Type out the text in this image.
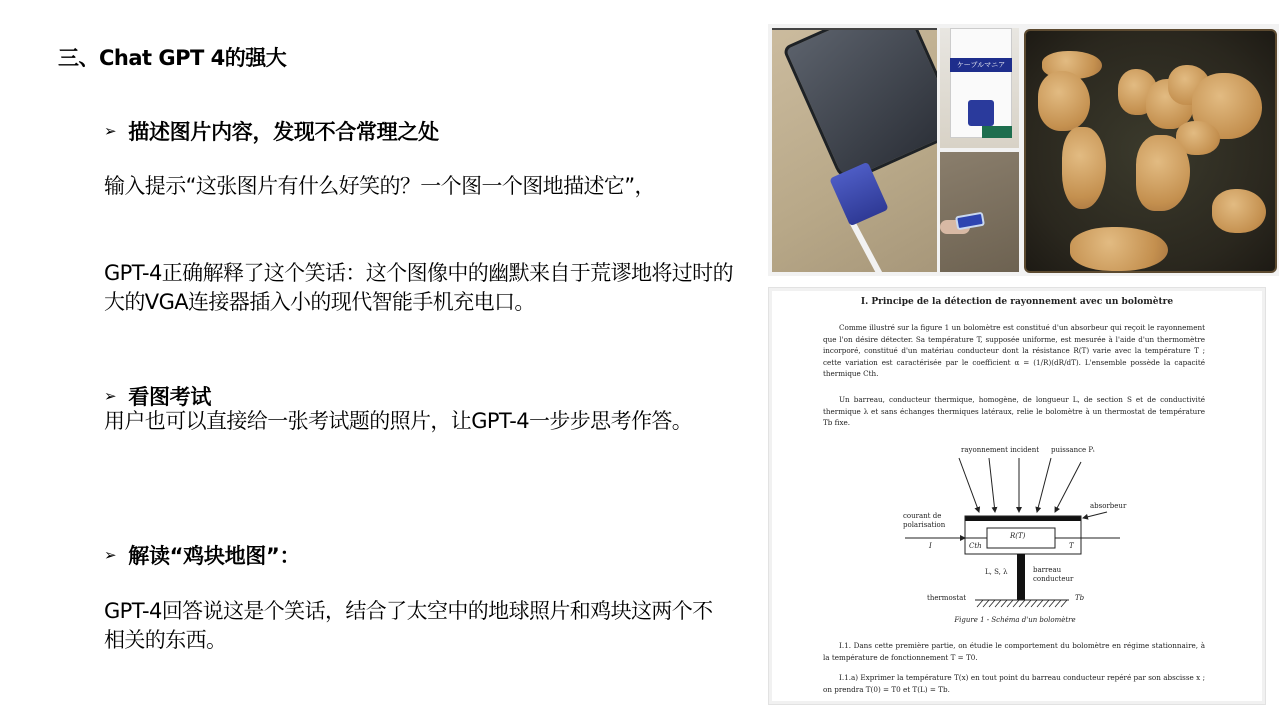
三、Chat GPT 4的强大
➢ 描述图片内容，发现不合常理之处
输入提示“这张图片有什么好笑的？一个图一个图地描述它”，
GPT-4正确解释了这个笑话：这个图像中的幽默来自于荒谬地将过时的大的VGA连接器插入小的现代智能手机充电口。
➢ 看图考试
用户也可以直接给一张考试题的照片，让GPT-4一步步思考作答。
➢ 解读“鸡块地图”：
GPT-4回答说这是个笑话，结合了太空中的地球照片和鸡块这两个不相关的东西。
ケーブルマニア
I. Principe de la détection de rayonnement avec un bolomètre
Comme illustré sur la figure 1 un bolomètre est constitué d'un absorbeur qui reçoit le rayonnement que l'on désire détecter. Sa température T, supposée uniforme, est mesurée à l'aide d'un thermomètre incorporé, constitué d'un matériau conducteur dont la résistance R(T) varie avec la température T ; cette variation est caractérisée par le coefficient α = (1/R)(dR/dT). L'ensemble possède la capacité thermique Cth.
Un barreau, conducteur thermique, homogène, de longueur L, de section S et de conductivité thermique λ et sans échanges thermiques latéraux, relie le bolomètre à un thermostat de température Tb fixe.
rayonnement incident puissance Pᵢ
absorbeur
courant de polarisation
I	Cth
R(T)
T
L, S, λ	barreau conducteur
thermostat	Tb
Figure 1 - Schéma d'un bolomètre
I.1. Dans cette première partie, on étudie le comportement du bolomètre en régime stationnaire, à la température de fonctionnement T = T0.
I.1.a) Exprimer la température T(x) en tout point du barreau conducteur repéré par son abscisse x ; on prendra T(0) = T0 et T(L) = Tb.
